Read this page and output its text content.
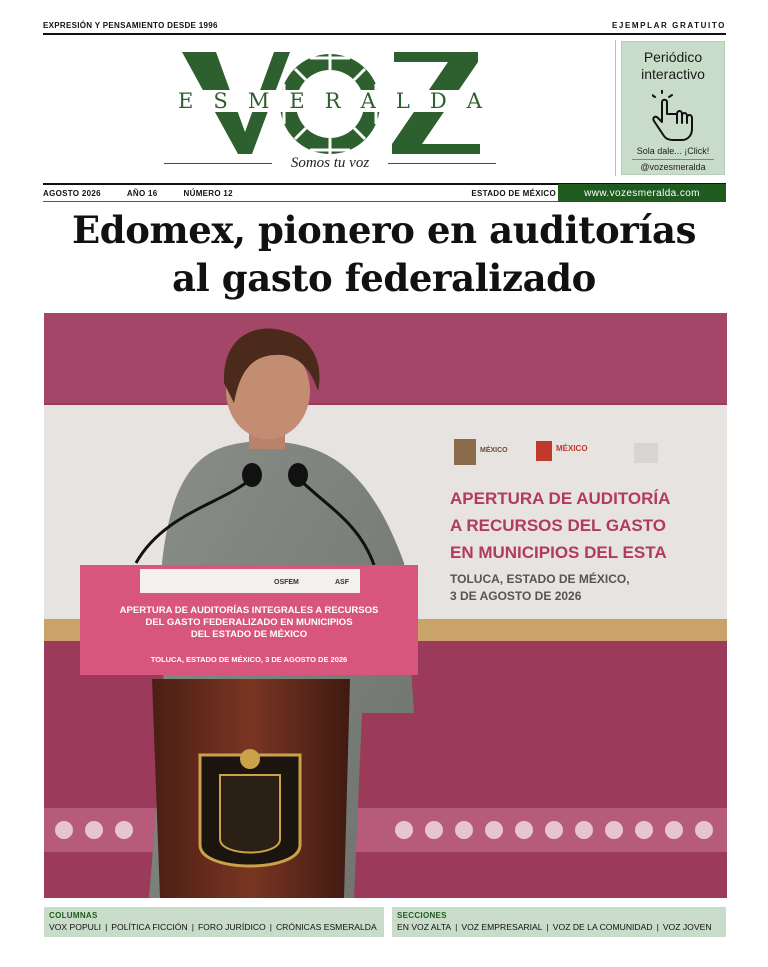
EXPRESIÓN Y PENSAMIENTO DESDE 1996	EJEMPLAR GRATUITO
E S M E R A L D A
Somos tu voz
Periódico interactivo
Sola dale... ¡Click!
@vozesmeralda
AGOSTO 2026	AÑO 16	NÚMERO 12	ESTADO DE MÉXICO	www.vozesmeralda.com
Edomex, pionero en auditorías
al gasto federalizado
MÉXICO	MÉXICO
APERTURA DE AUDITORÍA
A RECURSOS DEL GASTO
EN MUNICIPIOS DEL ESTA
TOLUCA, ESTADO DE MÉXICO,
3 DE AGOSTO DE 2026
OSFEM	ASF
APERTURA DE AUDITORÍAS INTEGRALES A RECURSOS
DEL GASTO FEDERALIZADO EN MUNICIPIOS
DEL ESTADO DE MÉXICO
TOLUCA, ESTADO DE MÉXICO, 3 DE AGOSTO DE 2026
COLUMNAS
VOX POPULI | POLÍTICA FICCIÓN | FORO JURÍDICO | CRÓNICAS ESMERALDA
SECCIONES
EN VOZ ALTA | VOZ EMPRESARIAL | VOZ DE LA COMUNIDAD | VOZ JOVEN
